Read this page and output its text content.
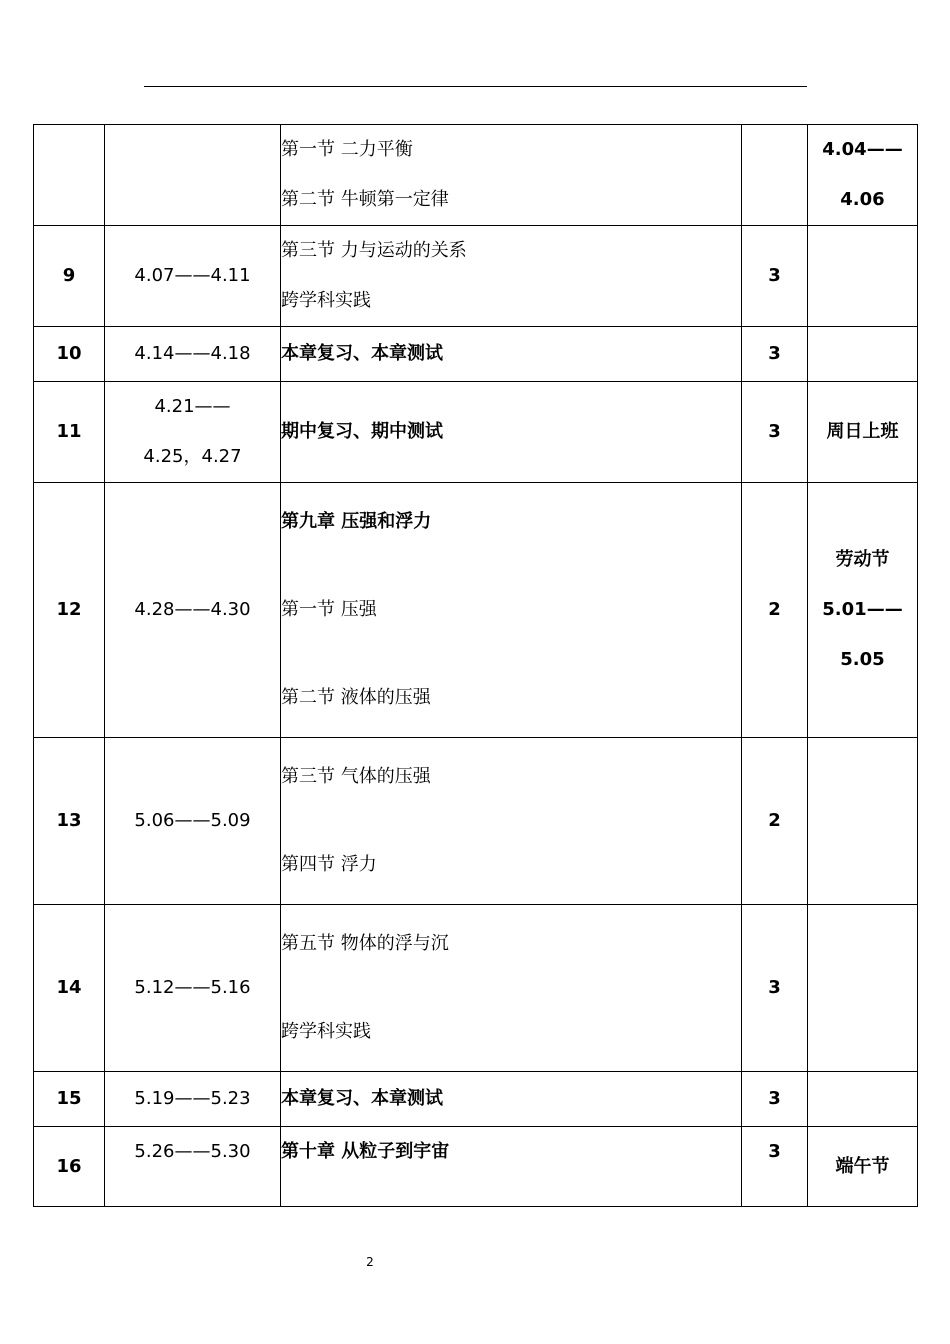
		第一节 二力平衡
第二节 牛顿第一定律		4.04——
4.06

9	4.07——4.11	第三节 力与运动的关系
跨学科实践	3	
10	4.14——4.18	本章复习、本章测试	3	
11	4.21——
4.25，4.27	期中复习、期中测试	3	周日上班

12	4.28——4.30	第九章 压强和浮力
第一节 压强
第二节 液体的压强	2	劳动节
5.01——
5.05

13	5.06——5.09	第三节 气体的压强
第四节 浮力	2	
14	5.12——5.16	第五节 物体的浮与沉
跨学科实践	3	
15	5.19——5.23	本章复习、本章测试	3	
16	5.26——5.30	第十章 从粒子到宇宙	3	端午节
2
